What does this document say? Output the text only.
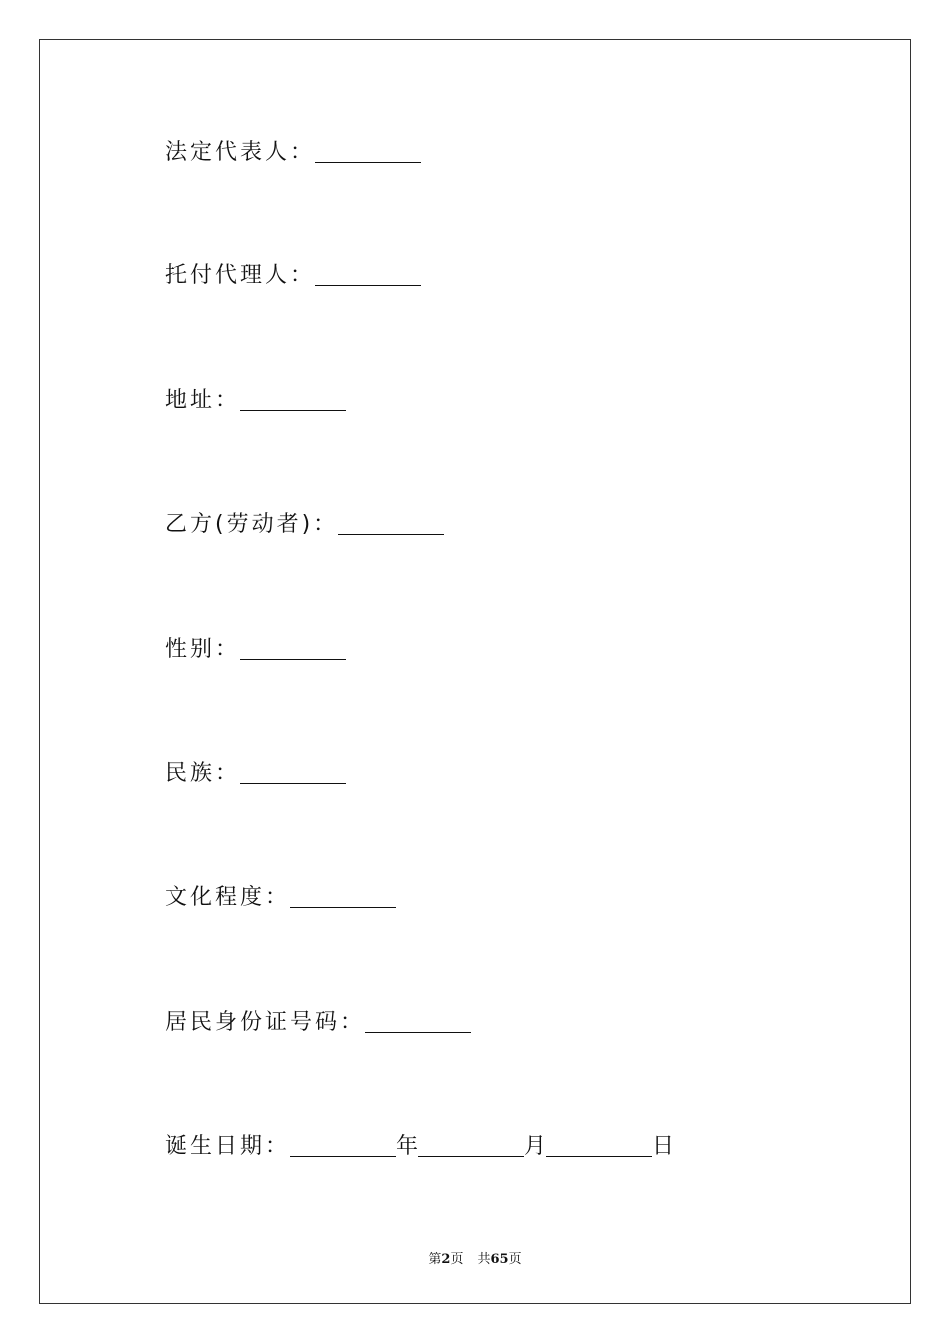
法定代表人：
托付代理人：
地址：
乙方(劳动者)：
性别：
民族：
文化程度：
居民身份证号码：
诞生日期：	年	月	日
第2页 共65页
